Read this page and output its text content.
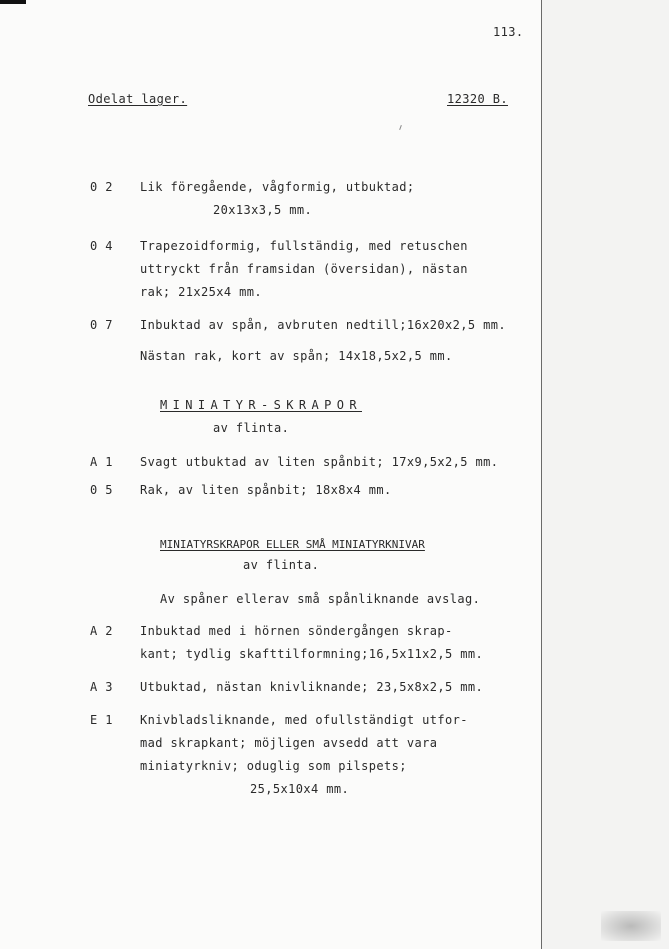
113.
Odelat lager.	12320 B.
0 2 Lik föregående, vågformig, utbuktad;
20x13x3,5 mm.
0 4 Trapezoidformig, fullständig, med retuschen
uttryckt från framsidan (översidan), nästan
rak; 21x25x4 mm.
0 7 Inbuktad av spån, avbruten nedtill;16x20x2,5 mm.
Nästan rak, kort av spån; 14x18,5x2,5 mm.
MINIATYR-SKRAPOR
av flinta.
A 1 Svagt utbuktad av liten spånbit; 17x9,5x2,5 mm.
0 5 Rak, av liten spånbit; 18x8x4 mm.
MINIATYRSKRAPOR ELLER SMÅ MINIATYRKNIVAR
av flinta.
Av spåner ellerav små spånliknande avslag.
A 2 Inbuktad med i hörnen söndergången skrap-
kant; tydlig skafttilformning;16,5x11x2,5 mm.
A 3 Utbuktad, nästan knivliknande; 23,5x8x2,5 mm.
E 1 Knivbladsliknande, med ofullständigt utfor-
mad skrapkant; möjligen avsedd att vara
miniatyrkniv; oduglig som pilspets;
25,5x10x4 mm.
